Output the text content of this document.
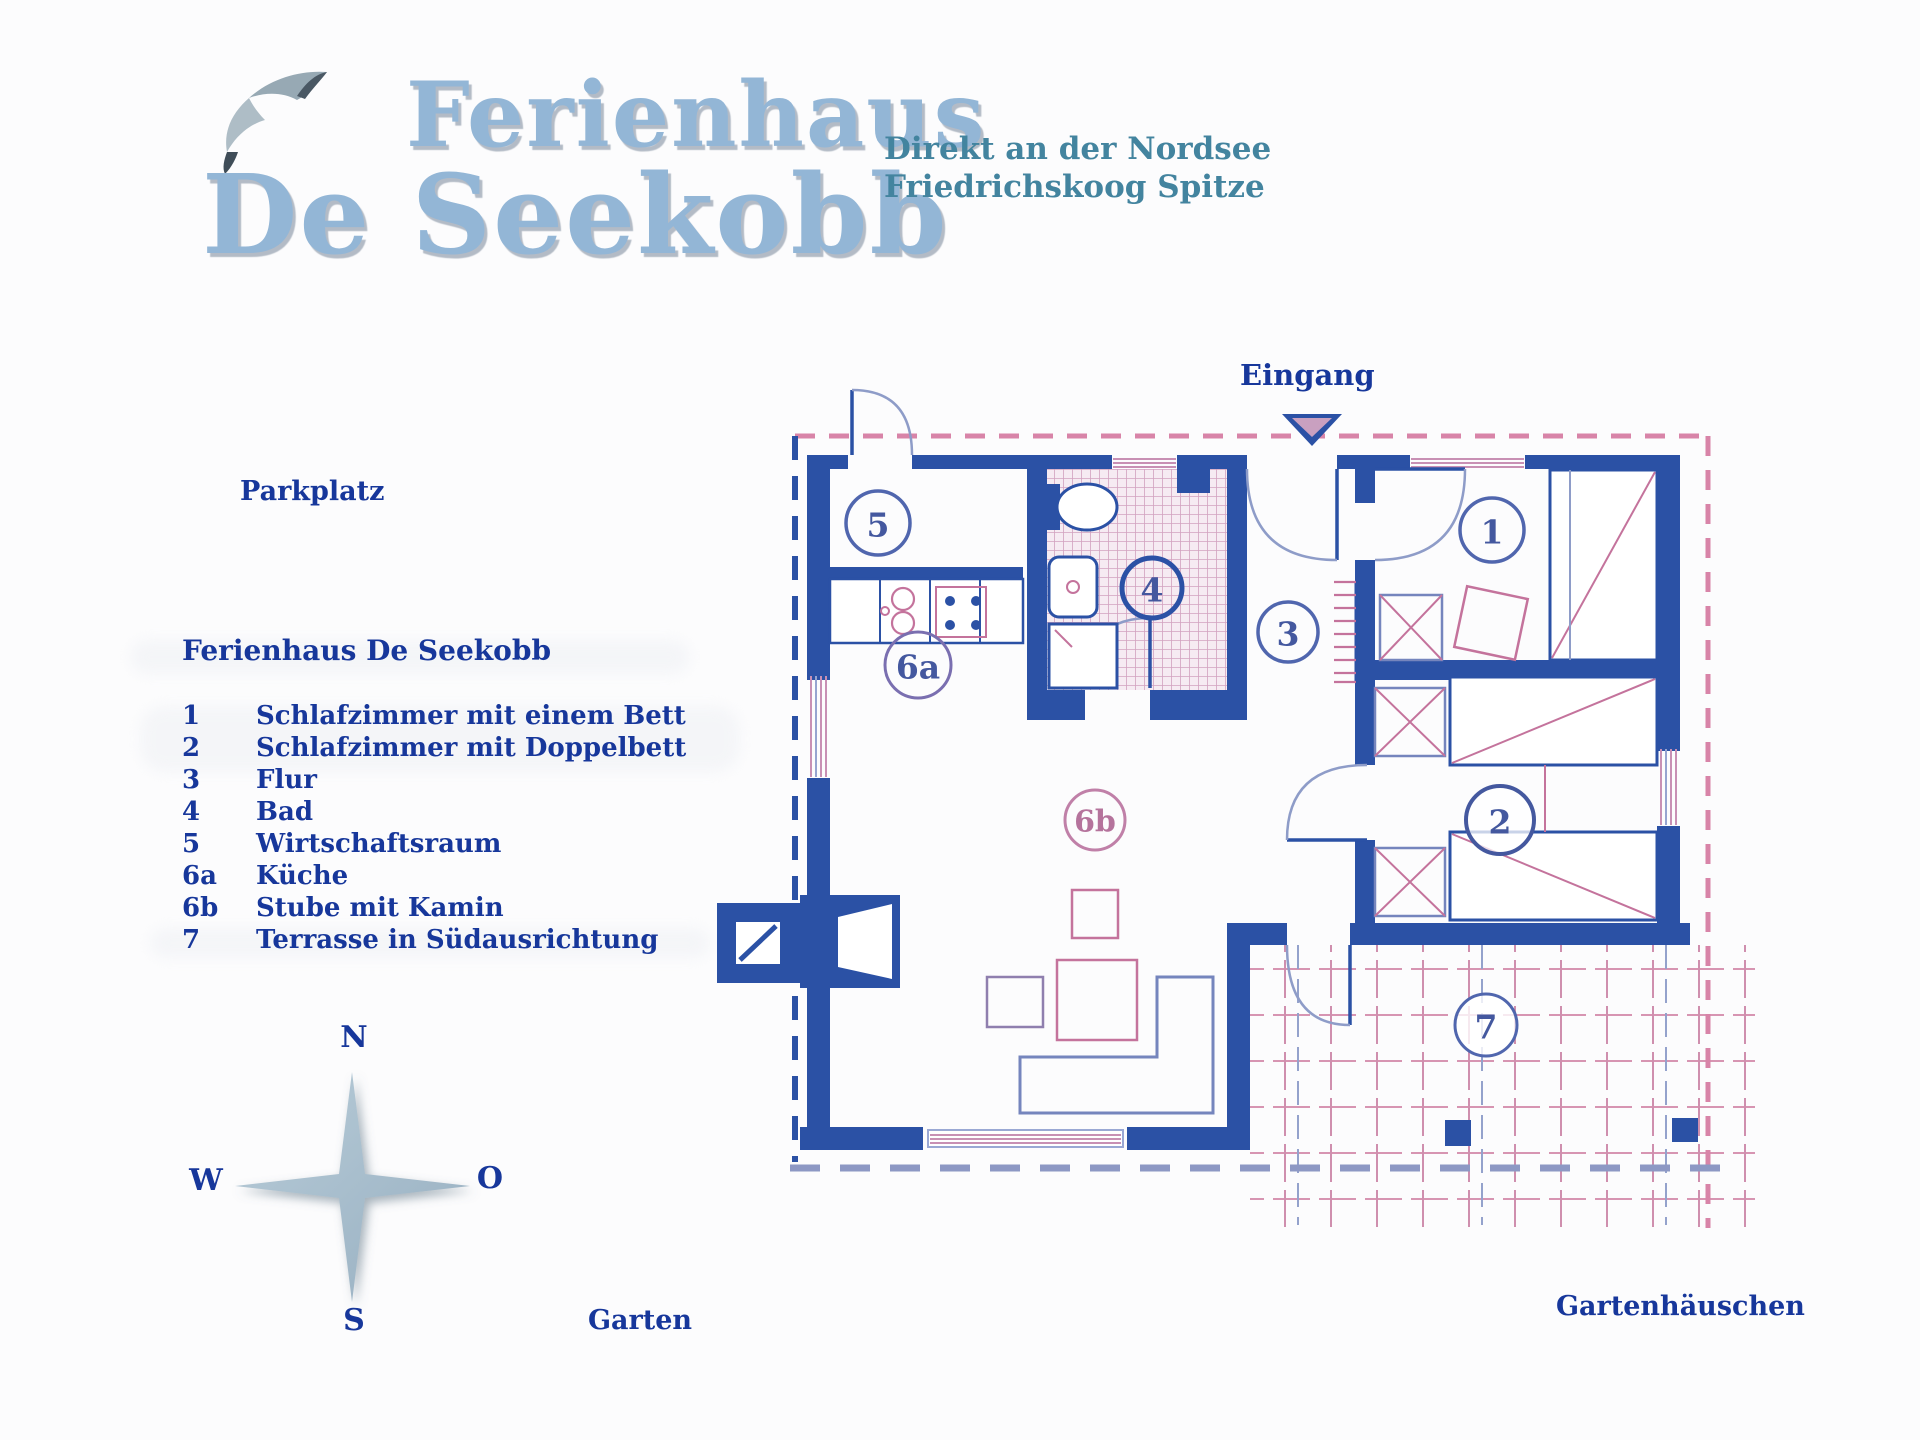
Ferienhaus
De Seekobb
Direkt an der Nordsee
Friedrichskoog Spitze
Eingang
Parkplatz
Garten	Gartenhäuschen
Ferienhaus De Seekobb
1	Schlafzimmer mit einem Bett
2	Schlafzimmer mit Doppelbett
3	Flur
4	Bad
5	Wirtschaftsraum
6a	Küche
6b	Stube mit Kamin
7	Terrasse in Südausrichtung
N
W	O
S
5
6a
4
3
1
2
6b
7
